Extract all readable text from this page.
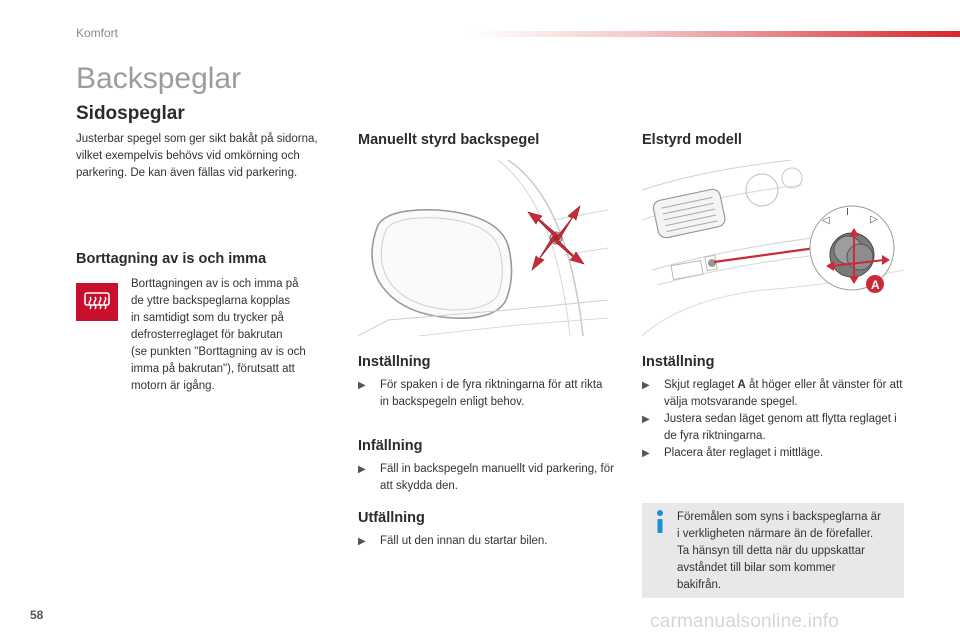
Komfort
Backspeglar
Sidospeglar

Justerbar spegel som ger sikt bakåt på sidorna, vilket exempelvis behövs vid omkörning och parkering. De kan även fällas vid parkering.

Borttagning av is och imma
Borttagningen av is och imma på
de yttre backspeglarna kopplas
in samtidigt som du trycker på
defrosterreglaget för bakrutan
(se punkten "Borttagning av is och
imma på bakrutan"), förutsatt att
motorn är igång.
Manuellt styrd backspegel
Inställning
▶ För spaken i de fyra riktningarna för att rikta in backspegeln enligt behov.
Infällning
▶ Fäll in backspegeln manuellt vid parkering, för att skydda den.
Utfällning
▶ Fäll ut den innan du startar bilen.
Elstyrd modell
◁
I
▷
A
Inställning
▶ Skjut reglaget A åt höger eller åt vänster för att välja motsvarande spegel.
▶ Justera sedan läget genom att flytta reglaget i de fyra riktningarna.
▶ Placera åter reglaget i mittläge.
Föremålen som syns i backspeglarna är
i verkligheten närmare än de förefaller.
Ta hänsyn till detta när du uppskattar
avståndet till bilar som kommer
bakifrån.
58	carmanualsonline.info
